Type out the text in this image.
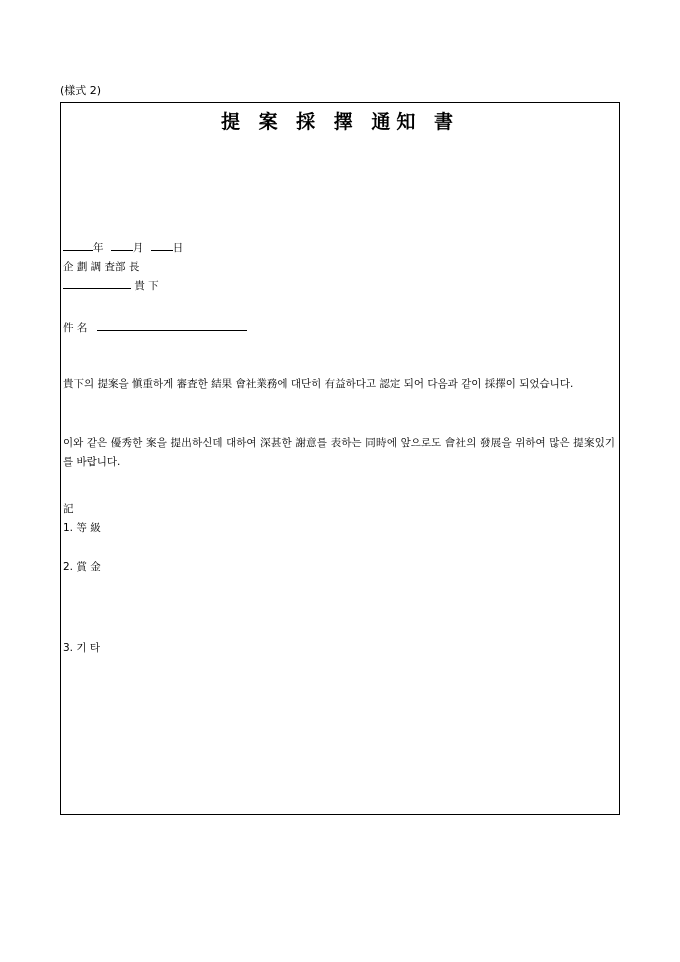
(樣式 2)
提 案 採 擇 通知 書
年	月	日
企 劃 調 査部 長
貴 下
件 名
貴下의 提案을 愼重하게 審査한 結果 會社業務에 대단히 有益하다고 認定 되어 다음과 같이 採擇이 되었습니다.
이와 같은 優秀한 案을 提出하신데 대하여 深甚한 謝意를 表하는 同時에 앞으로도 會社의 發展을 위하여 많은 提案있기를 바랍니다.
記
1. 等 級
2. 賞 金
3. 기 타
